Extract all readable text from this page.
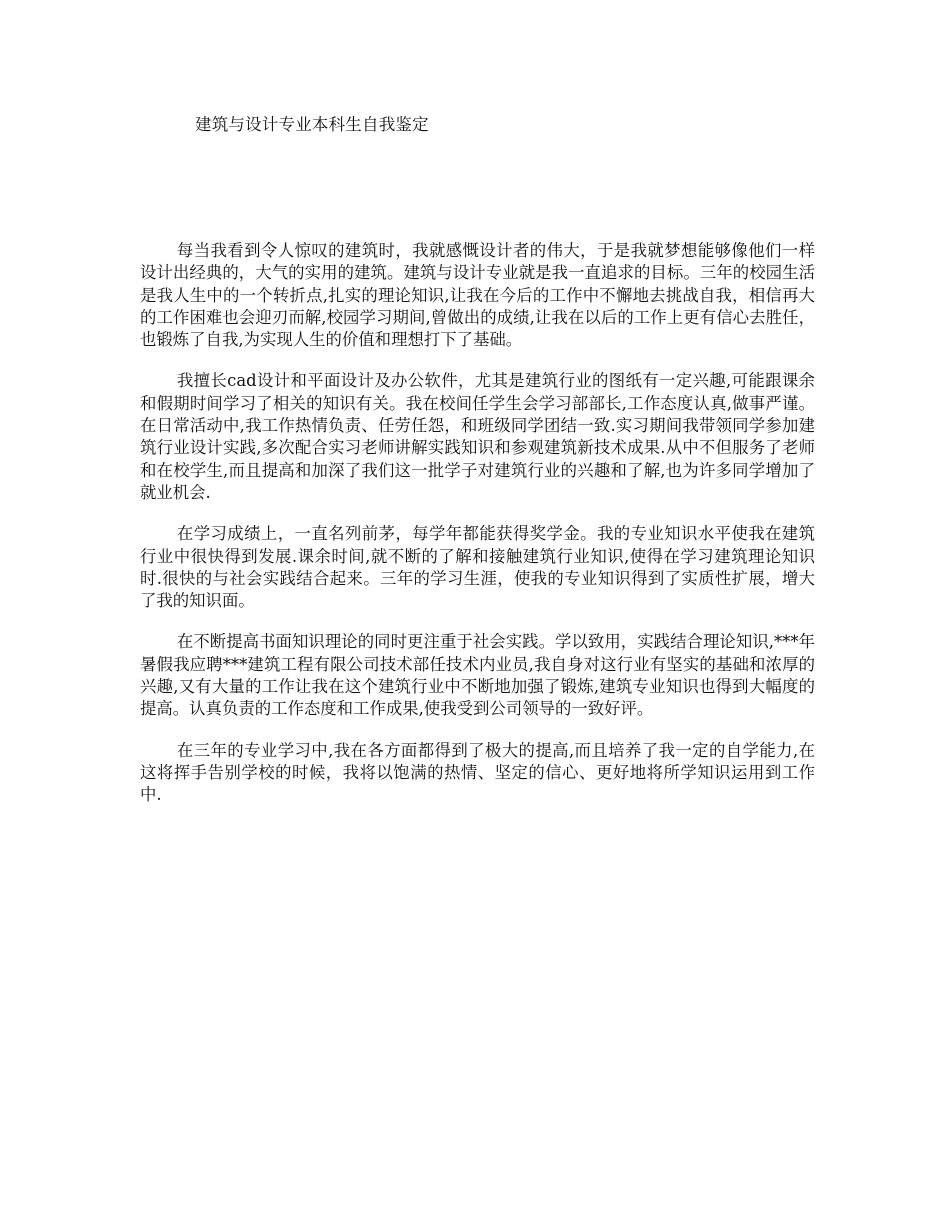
建筑与设计专业本科生自我鉴定

每当我看到令人惊叹的建筑时，我就感慨设计者的伟大，于是我就梦想能够像他们一样设计出经典的，大气的实用的建筑。建筑与设计专业就是我一直追求的目标。三年的校园生活是我人生中的一个转折点,扎实的理论知识,让我在今后的工作中不懈地去挑战自我，相信再大的工作困难也会迎刃而解,校园学习期间,曾做出的成绩,让我在以后的工作上更有信心去胜任，也锻炼了自我,为实现人生的价值和理想打下了基础。

我擅长cad设计和平面设计及办公软件，尤其是建筑行业的图纸有一定兴趣,可能跟课余和假期时间学习了相关的知识有关。我在校间任学生会学习部部长,工作态度认真,做事严谨。在日常活动中,我工作热情负责、任劳任怨，和班级同学团结一致.实习期间我带领同学参加建筑行业设计实践,多次配合实习老师讲解实践知识和参观建筑新技术成果.从中不但服务了老师和在校学生,而且提高和加深了我们这一批学子对建筑行业的兴趣和了解,也为许多同学增加了就业机会.

在学习成绩上，一直名列前茅，每学年都能获得奖学金。我的专业知识水平使我在建筑行业中很快得到发展.课余时间,就不断的了解和接触建筑行业知识,使得在学习建筑理论知识时.很快的与社会实践结合起来。三年的学习生涯，使我的专业知识得到了实质性扩展，增大了我的知识面。

在不断提高书面知识理论的同时更注重于社会实践。学以致用，实践结合理论知识,***年暑假我应聘***建筑工程有限公司技术部任技术内业员,我自身对这行业有坚实的基础和浓厚的兴趣,又有大量的工作让我在这个建筑行业中不断地加强了锻炼,建筑专业知识也得到大幅度的提高。认真负责的工作态度和工作成果,使我受到公司领导的一致好评。

在三年的专业学习中,我在各方面都得到了极大的提高,而且培养了我一定的自学能力,在这将挥手告别学校的时候，我将以饱满的热情、坚定的信心、更好地将所学知识运用到工作中.
